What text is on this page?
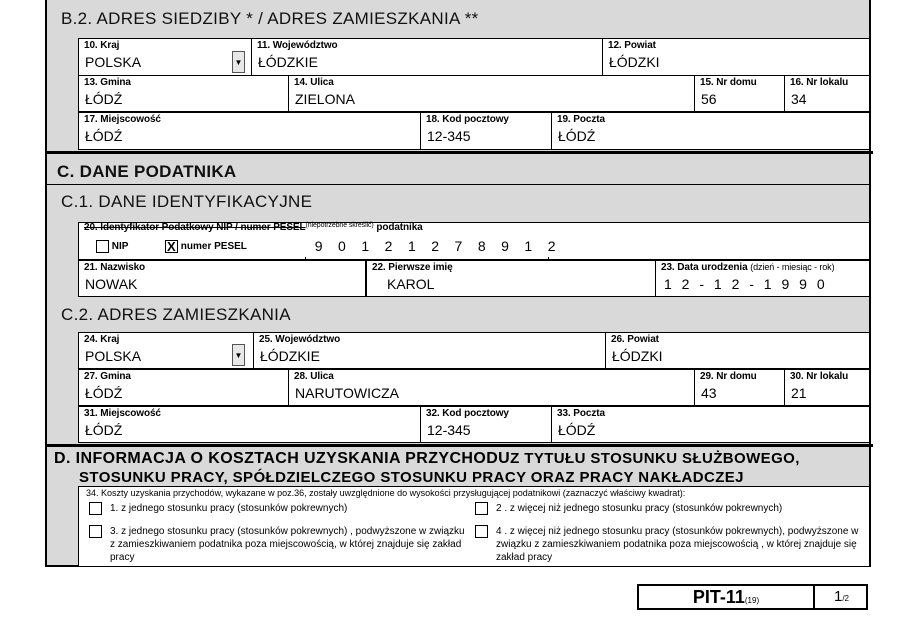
B.2. ADRES SIEDZIBY * / ADRES ZAMIESZKANIA **
10. Kraj
POLSKA	▼
11. Województwo
ŁÓDZKIE
12. Powiat
ŁÓDZKI
13. Gmina
ŁÓDŹ
14. Ulica
ZIELONA
15. Nr domu
56
16. Nr lokalu
34
17. Miejscowość
ŁÓDŹ
18. Kod pocztowy
12-345
19. Poczta
ŁÓDŹ
C. DANE PODATNIKA
C.1. DANE IDENTYFIKACYJNE
20. Identyfikator Podatkowy NIP / numer $PESEL^{(niepotrzebne skreślić)}$ podatnika
NIP
X	numer PESEL	9	0	1	2	1	2	7	8	9	1	2
21. Nazwisko
NOWAK
22. Pierwsze imię
KAROL
23. Data urodzenia (dzień - miesiąc - rok)
1 2 - 1 2 - 1 9 9 0
C.2. ADRES ZAMIESZKANIA
24. Kraj
POLSKA	▼
25. Województwo
ŁÓDZKIE
26. Powiat
ŁÓDZKI
27. Gmina
ŁÓDŹ
28. Ulica
NARUTOWICZA
29. Nr domu
43
30. Nr lokalu
21
31. Miejscowość
ŁÓDŹ
32. Kod pocztowy
12-345
33. Poczta
ŁÓDŹ
D. INFORMACJA O KOSZTACH UZYSKANIA PRZYCHODUZ TYTUŁU STOSUNKU SŁUŻBOWEGO,
STOSUNKU PRACY, SPÓŁDZIELCZEGO STOSUNKU PRACY ORAZ PRACY NAKŁADCZEJ
34. Koszty uzyskania przychodów, wykazane w poz.36, zostały uwzględnione do wysokości przysługującej podatnikowi (zaznaczyć właściwy kwadrat):
1. z jednego stosunku pracy (stosunków pokrewnych)	2 . z więcej niż jednego stosunku pracy (stosunków pokrewnych)
3. z jednego stosunku pracy (stosunków pokrewnych) , podwyższone w związku z zamieszkiwaniem podatnika poza miejscowością, w której znajduje się zakład pracy
4 . z więcej niż jednego stosunku pracy (stosunków pokrewnych), podwyższone w związku z zamieszkiwaniem podatnika poza miejscowością , w której znajduje się zakład pracy
PIT-11(19)	1/2
